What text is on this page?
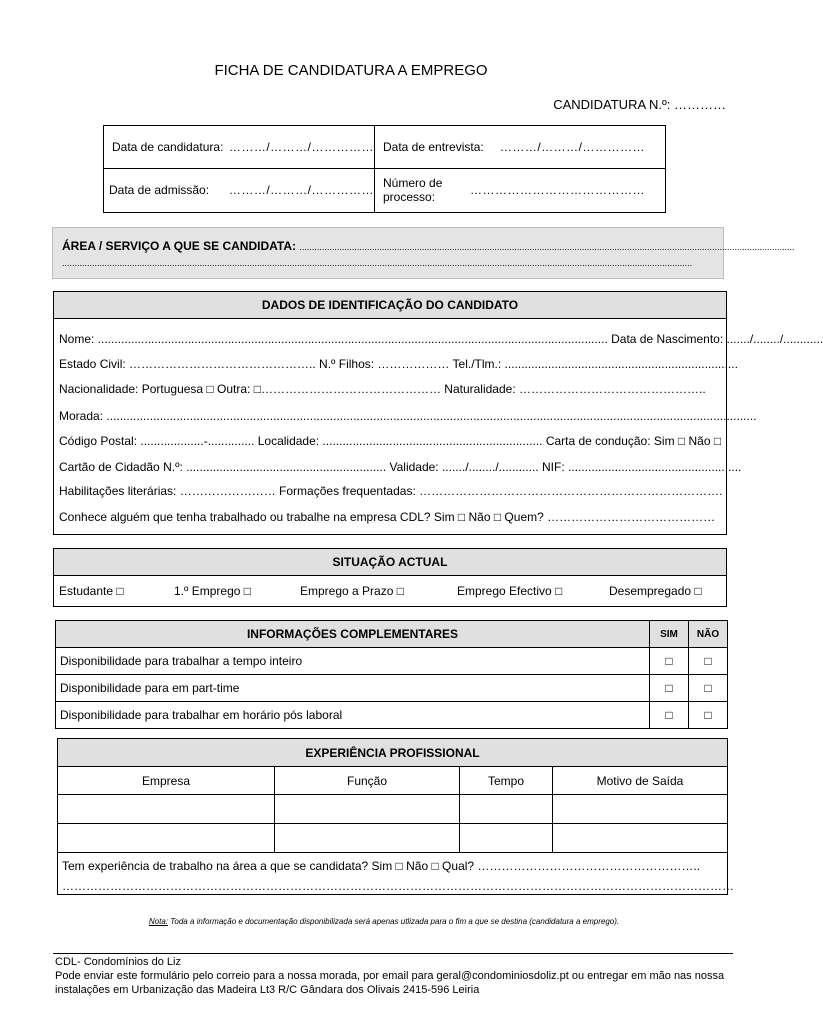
FICHA DE CANDIDATURA A EMPREGO
CANDIDATURA N.º: …………
Data de candidatura: ………/………/…………… Data de entrevista:	………/………/……………
Data de admissão:	………/………/…………… Número de processo:	……………………………………
ÁREA / SERVIÇO A QUE SE CANDIDATA: ......................................................................................................................................................................................................
............................................................................................................................................................................................................................................................
DADOS DE IDENTIFICAÇÃO DO CANDIDATO
Nome: ......................................................................................................................................................... Data de Nascimento: ......./......../............
Estado Civil: ……………………………………….. N.º Filhos: ……………… Tel./Tlm.: ......................................................................
Nacionalidade: Portuguesa □ Outra: □……………………………………… Naturalidade: ………………………………………..
Morada: ...................................................................................................................................................................................................
Código Postal: ...................-.............. Localidade: .................................................................. Carta de condução: Sim □ Não □
Cartão de Cidadão N.º: ............................................................ Validade: ......./......../............ NIF: ....................................................
Habilitações literárias: …………………… Formações frequentadas: ………………………………………………………………….
Conhece alguém que tenha trabalhado ou trabalhe na empresa CDL? Sim □ Não □ Quem? ……………………………………
SITUAÇÃO ACTUAL
Estudante □	1.º Emprego □	Emprego a Prazo □	Emprego Efectivo □	Desempregado □
INFORMAÇÕES COMPLEMENTARES	SIM	NÃO
Disponibilidade para trabalhar a tempo inteiro	□	□
Disponibilidade para em part-time	□	□
Disponibilidade para trabalhar em horário pós laboral	□	□
EXPERIÊNCIA PROFISSIONAL			
Empresa	Função	Tempo	Motivo de Saída

Tem experiência de trabalho na área a que se candidata? Sim □ Não □ Qual? ………………………………………………..
……………………………………………………………………………………………………………………………………………………			
Nota: Toda a informação e documentação disponibilizada será apenas utlizada para o fim a que se destina (candidatura a emprego).
CDL- Condomínios do Liz
Pode enviar este formulário pelo correio para a nossa morada, por email para geral@condominiosdoliz.pt ou entregar em mão nas nossa
instalações em Urbanização das Madeira Lt3 R/C Gândara dos Olivais 2415-596 Leiria
